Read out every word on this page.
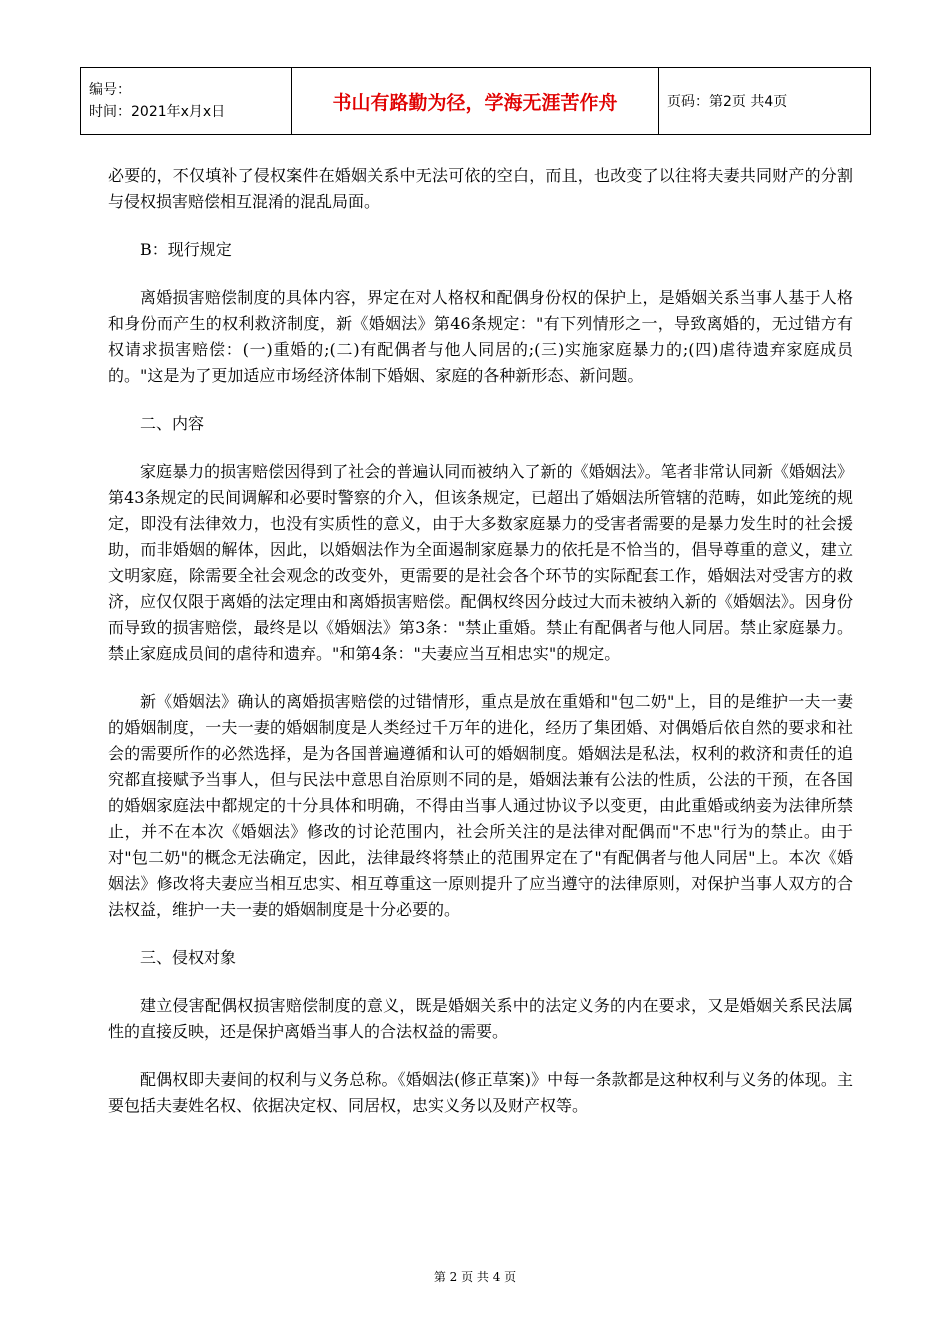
编号：
时间：2021年x月x日	书山有路勤为径，学海无涯苦作舟	页码：第2页 共4页

必要的，不仅填补了侵权案件在婚姻关系中无法可依的空白，而且，也改变了以往将夫妻共同财产的分割与侵权损害赔偿相互混淆的混乱局面。

B：现行规定

离婚损害赔偿制度的具体内容，界定在对人格权和配偶身份权的保护上，是婚姻关系当事人基于人格和身份而产生的权利救济制度，新《婚姻法》第46条规定："有下列情形之一，导致离婚的，无过错方有权请求损害赔偿：(一)重婚的;(二)有配偶者与他人同居的;(三)实施家庭暴力的;(四)虐待遗弃家庭成员的。"这是为了更加适应市场经济体制下婚姻、家庭的各种新形态、新问题。

二、内容

家庭暴力的损害赔偿因得到了社会的普遍认同而被纳入了新的《婚姻法》。笔者非常认同新《婚姻法》第43条规定的民间调解和必要时警察的介入，但该条规定，已超出了婚姻法所管辖的范畴，如此笼统的规定，即没有法律效力，也没有实质性的意义，由于大多数家庭暴力的受害者需要的是暴力发生时的社会援助，而非婚姻的解体，因此，以婚姻法作为全面遏制家庭暴力的依托是不恰当的，倡导尊重的意义，建立文明家庭，除需要全社会观念的改变外，更需要的是社会各个环节的实际配套工作，婚姻法对受害方的救济，应仅仅限于离婚的法定理由和离婚损害赔偿。配偶权终因分歧过大而未被纳入新的《婚姻法》。因身份而导致的损害赔偿，最终是以《婚姻法》第3条："禁止重婚。禁止有配偶者与他人同居。禁止家庭暴力。禁止家庭成员间的虐待和遗弃。"和第4条："夫妻应当互相忠实"的规定。

新《婚姻法》确认的离婚损害赔偿的过错情形，重点是放在重婚和"包二奶"上，目的是维护一夫一妻的婚姻制度，一夫一妻的婚姻制度是人类经过千万年的进化，经历了集团婚、对偶婚后依自然的要求和社会的需要所作的必然选择，是为各国普遍遵循和认可的婚姻制度。婚姻法是私法，权利的救济和责任的追究都直接赋予当事人，但与民法中意思自治原则不同的是，婚姻法兼有公法的性质，公法的干预，在各国的婚姻家庭法中都规定的十分具体和明确，不得由当事人通过协议予以变更，由此重婚或纳妾为法律所禁止，并不在本次《婚姻法》修改的讨论范围内，社会所关注的是法律对配偶而"不忠"行为的禁止。由于对"包二奶"的概念无法确定，因此，法律最终将禁止的范围界定在了"有配偶者与他人同居"上。本次《婚姻法》修改将夫妻应当相互忠实、相互尊重这一原则提升了应当遵守的法律原则，对保护当事人双方的合法权益，维护一夫一妻的婚姻制度是十分必要的。

三、侵权对象

建立侵害配偶权损害赔偿制度的意义，既是婚姻关系中的法定义务的内在要求，又是婚姻关系民法属性的直接反映，还是保护离婚当事人的合法权益的需要。

配偶权即夫妻间的权利与义务总称。《婚姻法(修正草案)》中每一条款都是这种权利与义务的体现。主要包括夫妻姓名权、依据决定权、同居权，忠实义务以及财产权等。

第 2 页 共 4 页
